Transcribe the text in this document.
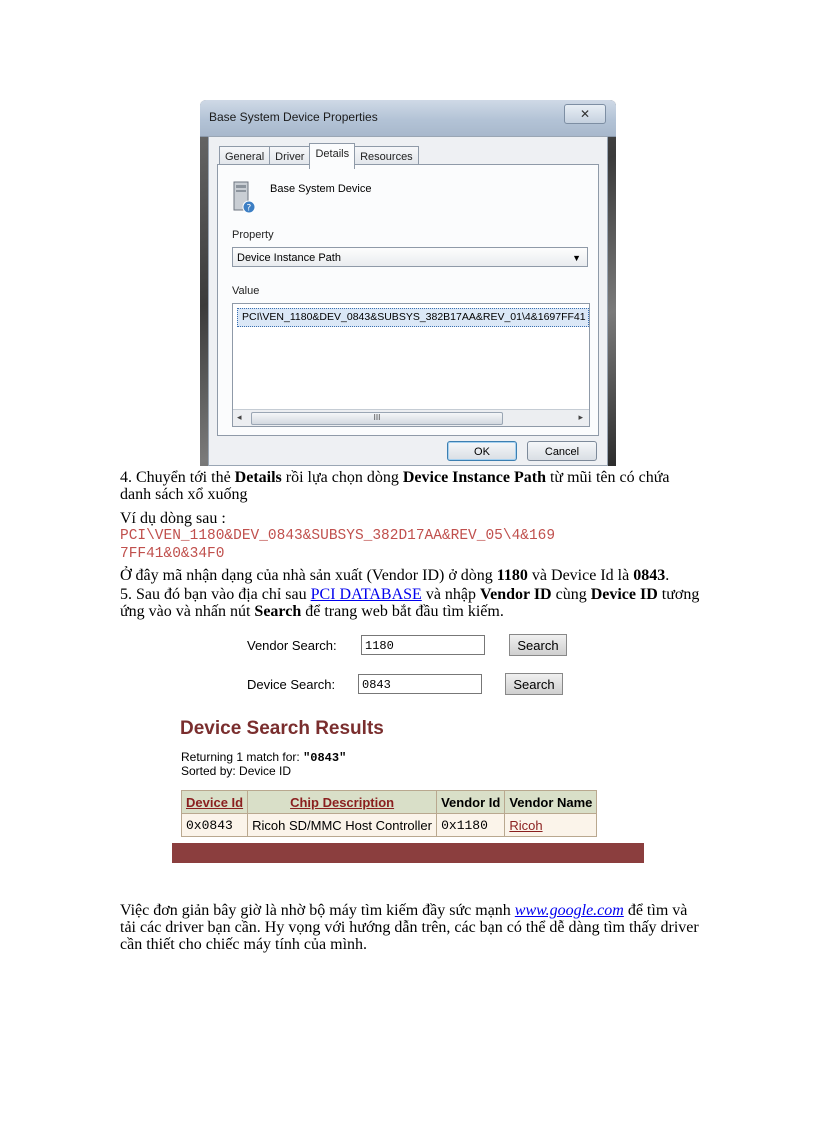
Base System Device Properties	✕
General	Driver	Details	Resources
?
Base System Device
Property
Device Instance Path	▼
Value
PCI\VEN_1180&DEV_0843&SUBSYS_382B17AA&REV_01\4&1697FF41
◂	III	▸
OK	Cancel
4. Chuyển tới thẻ Details rồi lựa chọn dòng Device Instance Path từ mũi tên có chứa danh sách xổ xuống
Ví dụ dòng sau :
PCI\VEN_1180&DEV_0843&SUBSYS_382D17AA&REV_05\4&169
7FF41&0&34F0
Ở đây mã nhận dạng của nhà sản xuất (Vendor ID) ở dòng 1180 và Device Id là 0843.
5. Sau đó bạn vào địa chỉ sau PCI DATABASE và nhập Vendor ID cùng Device ID tương ứng vào và nhấn nút Search để trang web bắt đầu tìm kiếm.
Vendor Search:	1180	Search
Device Search:	0843	Search
Device Search Results
Returning 1 match for: "0843"
Sorted by: Device ID
Device Id	Chip Description	Vendor Id	Vendor Name
0x0843	Ricoh SD/MMC Host Controller	0x1180	Ricoh
Việc đơn giản bây giờ là nhờ bộ máy tìm kiếm đầy sức mạnh www.google.com để tìm và tải các driver bạn cần. Hy vọng với hướng dẫn trên, các bạn có thể dễ dàng tìm thấy driver cần thiết cho chiếc máy tính của mình.
